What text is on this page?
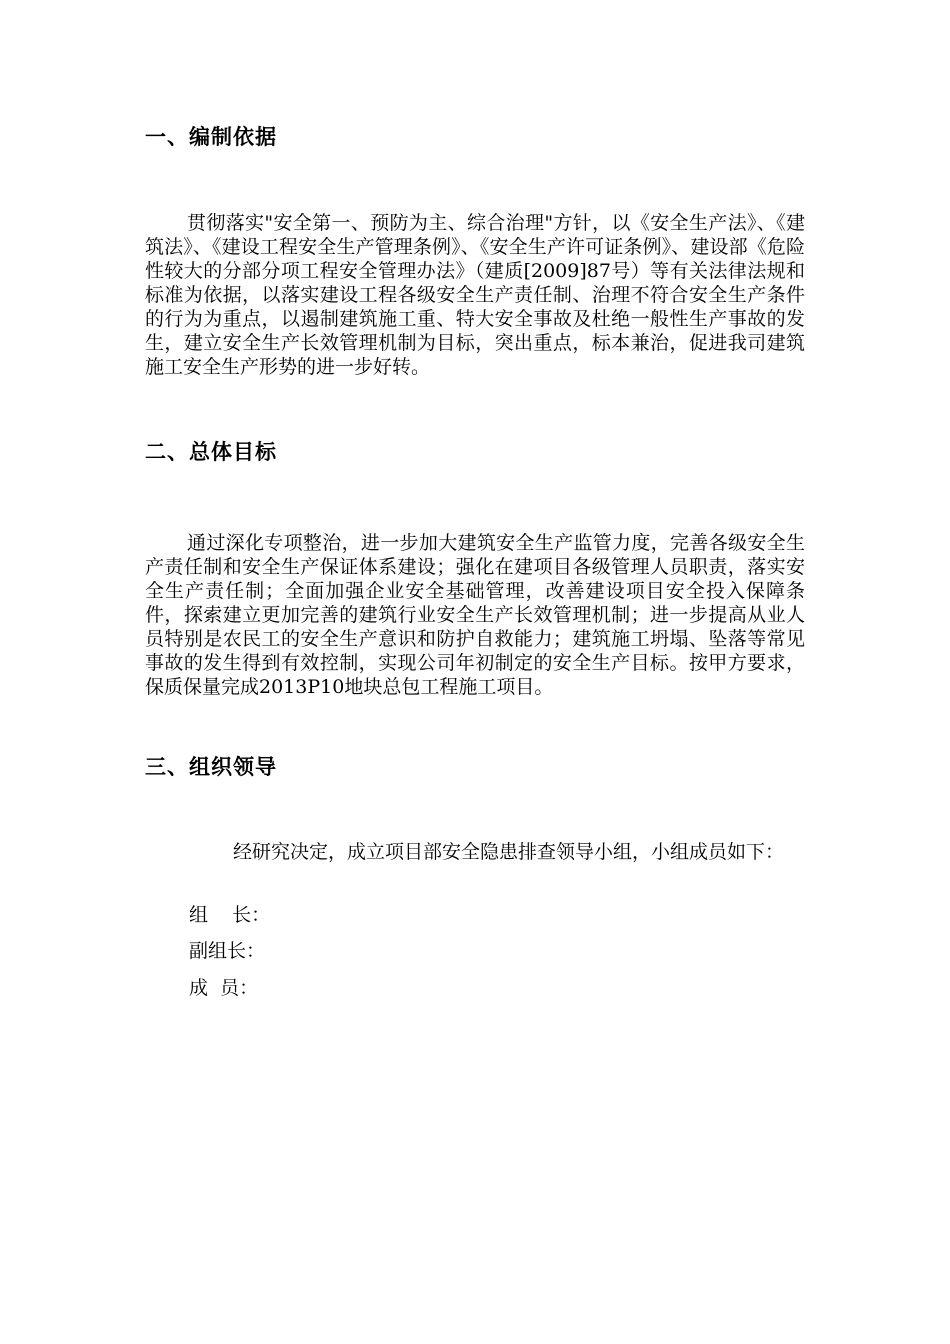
一、编制依据
贯彻落实"安全第一、预防为主、综合治理"方针，以《安全生产法》、《建筑法》、《建设工程安全生产管理条例》、《安全生产许可证条例》、建设部《危险性较大的分部分项工程安全管理办法》（建质[2009]87号）等有关法律法规和标准为依据，以落实建设工程各级安全生产责任制、治理不符合安全生产条件的行为为重点，以遏制建筑施工重、特大安全事故及杜绝一般性生产事故的发生，建立安全生产长效管理机制为目标，突出重点，标本兼治，促进我司建筑施工安全生产形势的进一步好转。
二、总体目标
通过深化专项整治，进一步加大建筑安全生产监管力度，完善各级安全生产责任制和安全生产保证体系建设；强化在建项目各级管理人员职责，落实安全生产责任制；全面加强企业安全基础管理，改善建设项目安全投入保障条件，探索建立更加完善的建筑行业安全生产长效管理机制；进一步提高从业人员特别是农民工的安全生产意识和防护自救能力；建筑施工坍塌、坠落等常见事故的发生得到有效控制，实现公司年初制定的安全生产目标。按甲方要求，保质保量完成2013P10地块总包工程施工项目。
三、组织领导
经研究决定，成立项目部安全隐患排查领导小组，小组成员如下：
组    长：
副组长：
成  员：
